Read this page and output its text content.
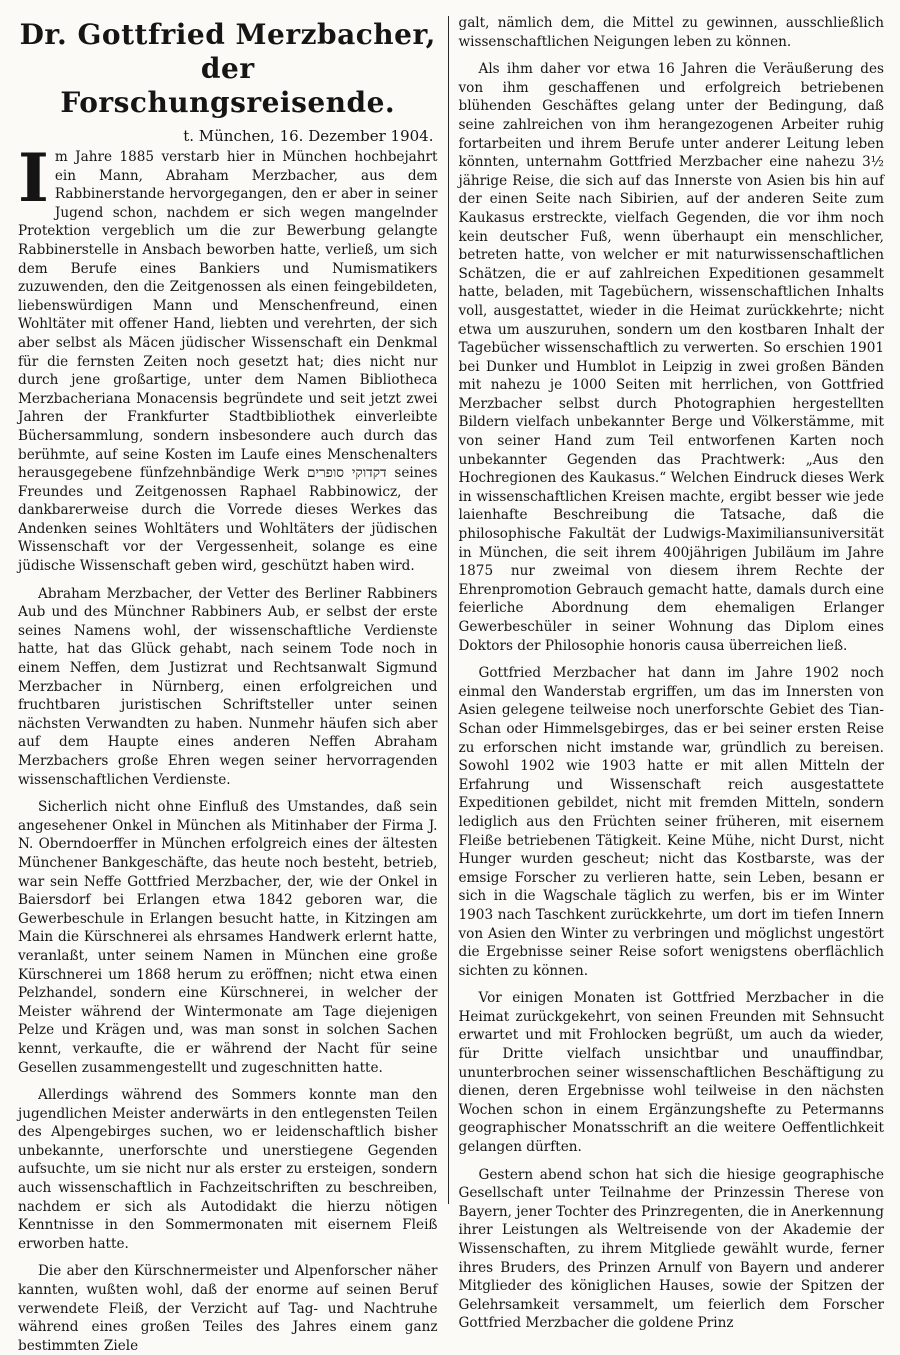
Dr. Gottfried Merzbacher, der
Forschungsreisende.
t. München, 16. Dezember 1904.

Im Jahre 1885 verstarb hier in München hochbejahrt ein Mann, Abraham Merzbacher, aus dem Rabbinerstande hervorgegangen, den er aber in seiner Jugend schon, nachdem er sich wegen mangelnder Protektion vergeblich um die zur Bewerbung gelangte Rabbinerstelle in Ansbach beworben hatte, verließ, um sich dem Berufe eines Bankiers und Numismatikers zuzuwenden, den die Zeitgenossen als einen feingebildeten, liebenswürdigen Mann und Menschenfreund, einen Wohltäter mit offener Hand, liebten und verehrten, der sich aber selbst als Mäcen jüdischer Wissenschaft ein Denkmal für die fernsten Zeiten noch gesetzt hat; dies nicht nur durch jene großartige, unter dem Namen Bibliotheca Merzbacheriana Monacensis begründete und seit jetzt zwei Jahren der Frankfurter Stadtbibliothek einverleibte Büchersammlung, sondern insbesondere auch durch das berühmte, auf seine Kosten im Laufe eines Menschenalters herausgegebene fünfzehnbändige Werk דקדוקי סופרים seines Freundes und Zeitgenossen Raphael Rabbinowicz, der dankbarerweise durch die Vorrede dieses Werkes das Andenken seines Wohltäters und Wohltäters der jüdischen Wissenschaft vor der Vergessenheit, solange es eine jüdische Wissenschaft geben wird, geschützt haben wird.

Abraham Merzbacher, der Vetter des Berliner Rabbiners Aub und des Münchner Rabbiners Aub, er selbst der erste seines Namens wohl, der wissenschaftliche Verdienste hatte, hat das Glück gehabt, nach seinem Tode noch in einem Neffen, dem Justizrat und Rechtsanwalt Sigmund Merzbacher in Nürnberg, einen erfolgreichen und fruchtbaren juristischen Schriftsteller unter seinen nächsten Verwandten zu haben. Nunmehr häufen sich aber auf dem Haupte eines anderen Neffen Abraham Merzbachers große Ehren wegen seiner hervorragenden wissenschaftlichen Verdienste.

Sicherlich nicht ohne Einfluß des Umstandes, daß sein angesehener Onkel in München als Mitinhaber der Firma J. N. Oberndoerffer in München erfolgreich eines der ältesten Münchener Bankgeschäfte, das heute noch besteht, betrieb, war sein Neffe Gottfried Merzbacher, der, wie der Onkel in Baiersdorf bei Erlangen etwa 1842 geboren war, die Gewerbeschule in Erlangen besucht hatte, in Kitzingen am Main die Kürschnerei als ehrsames Handwerk erlernt hatte, veranlaßt, unter seinem Namen in München eine große Kürschnerei um 1868 herum zu eröffnen; nicht etwa einen Pelzhandel, sondern eine Kürschnerei, in welcher der Meister während der Wintermonate am Tage diejenigen Pelze und Krägen und, was man sonst in solchen Sachen kennt, verkaufte, die er während der Nacht für seine Gesellen zusammengestellt und zugeschnitten hatte.

Allerdings während des Sommers konnte man den jugendlichen Meister anderwärts in den entlegensten Teilen des Alpengebirges suchen, wo er leidenschaftlich bisher unbekannte, unerforschte und unerstiegene Gegenden aufsuchte, um sie nicht nur als erster zu ersteigen, sondern auch wissenschaftlich in Fachzeitschriften zu beschreiben, nachdem er sich als Autodidakt die hierzu nötigen Kenntnisse in den Sommermonaten mit eisernem Fleiß erworben hatte.

Die aber den Kürschnermeister und Alpenforscher näher kannten, wußten wohl, daß der enorme auf seinen Beruf verwendete Fleiß, der Verzicht auf Tag- und Nachtruhe während eines großen Teiles des Jahres einem ganz bestimmten Ziele

galt, nämlich dem, die Mittel zu gewinnen, ausschließlich wissenschaftlichen Neigungen leben zu können.

Als ihm daher vor etwa 16 Jahren die Veräußerung des von ihm geschaffenen und erfolgreich betriebenen blühenden Geschäftes gelang unter der Bedingung, daß seine zahlreichen von ihm herangezogenen Arbeiter ruhig fortarbeiten und ihrem Berufe unter anderer Leitung leben könnten, unternahm Gottfried Merzbacher eine nahezu 3½ jährige Reise, die sich auf das Innerste von Asien bis hin auf der einen Seite nach Sibirien, auf der anderen Seite zum Kaukasus erstreckte, vielfach Gegenden, die vor ihm noch kein deutscher Fuß, wenn überhaupt ein menschlicher, betreten hatte, von welcher er mit naturwissenschaftlichen Schätzen, die er auf zahlreichen Expeditionen gesammelt hatte, beladen, mit Tagebüchern, wissenschaftlichen Inhalts voll, ausgestattet, wieder in die Heimat zurückkehrte; nicht etwa um auszuruhen, sondern um den kostbaren Inhalt der Tagebücher wissenschaftlich zu verwerten. So erschien 1901 bei Dunker und Humblot in Leipzig in zwei großen Bänden mit nahezu je 1000 Seiten mit herrlichen, von Gottfried Merzbacher selbst durch Photographien hergestellten Bildern vielfach unbekannter Berge und Völkerstämme, mit von seiner Hand zum Teil entworfenen Karten noch unbekannter Gegenden das Prachtwerk: „Aus den Hochregionen des Kaukasus.“ Welchen Eindruck dieses Werk in wissenschaftlichen Kreisen machte, ergibt besser wie jede laienhafte Beschreibung die Tatsache, daß die philosophische Fakultät der Ludwigs-Maximiliansuniversität in München, die seit ihrem 400jährigen Jubiläum im Jahre 1875 nur zweimal von diesem ihrem Rechte der Ehrenpromotion Gebrauch gemacht hatte, damals durch eine feierliche Abordnung dem ehemaligen Erlanger Gewerbeschüler in seiner Wohnung das Diplom eines Doktors der Philosophie honoris causa überreichen ließ.

Gottfried Merzbacher hat dann im Jahre 1902 noch einmal den Wanderstab ergriffen, um das im Innersten von Asien gelegene teilweise noch unerforschte Gebiet des Tian-Schan oder Himmelsgebirges, das er bei seiner ersten Reise zu erforschen nicht imstande war, gründlich zu bereisen. Sowohl 1902 wie 1903 hatte er mit allen Mitteln der Erfahrung und Wissenschaft reich ausgestattete Expeditionen gebildet, nicht mit fremden Mitteln, sondern lediglich aus den Früchten seiner früheren, mit eisernem Fleiße betriebenen Tätigkeit. Keine Mühe, nicht Durst, nicht Hunger wurden gescheut; nicht das Kostbarste, was der emsige Forscher zu verlieren hatte, sein Leben, besann er sich in die Wagschale täglich zu werfen, bis er im Winter 1903 nach Taschkent zurückkehrte, um dort im tiefen Innern von Asien den Winter zu verbringen und möglichst ungestört die Ergebnisse seiner Reise sofort wenigstens oberflächlich sichten zu können.

Vor einigen Monaten ist Gottfried Merzbacher in die Heimat zurückgekehrt, von seinen Freunden mit Sehnsucht erwartet und mit Frohlocken begrüßt, um auch da wieder, für Dritte vielfach unsichtbar und unauffindbar, ununterbrochen seiner wissenschaftlichen Beschäftigung zu dienen, deren Ergebnisse wohl teilweise in den nächsten Wochen schon in einem Ergänzungshefte zu Petermanns geographischer Monatsschrift an die weitere Oeffentlichkeit gelangen dürften.

Gestern abend schon hat sich die hiesige geographische Gesellschaft unter Teilnahme der Prinzessin Therese von Bayern, jener Tochter des Prinzregenten, die in Anerkennung ihrer Leistungen als Weltreisende von der Akademie der Wissenschaften, zu ihrem Mitgliede gewählt wurde, ferner ihres Bruders, des Prinzen Arnulf von Bayern und anderer Mitglieder des königlichen Hauses, sowie der Spitzen der Gelehrsamkeit versammelt, um feierlich dem Forscher Gottfried Merzbacher die goldene Prinz
